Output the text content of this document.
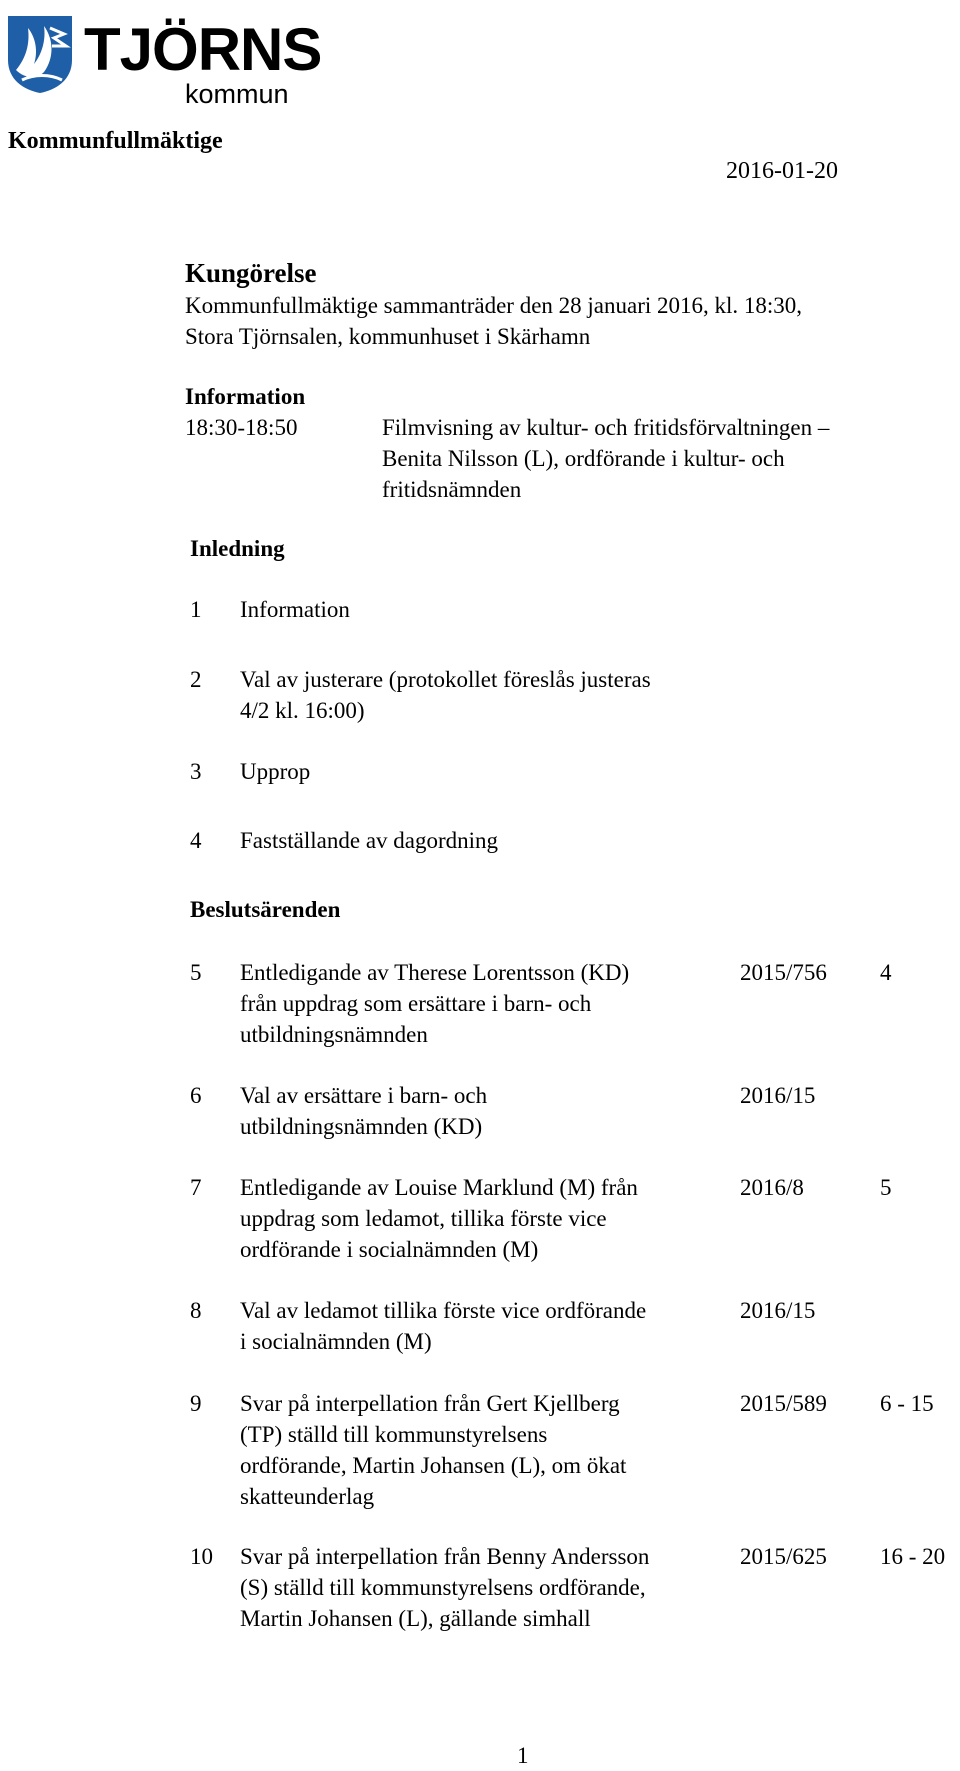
TJÖRNS
kommun
Kommunfullmäktige
2016-01-20
Kungörelse
Kommunfullmäktige sammanträder den 28 januari 2016, kl. 18:30,
Stora Tjörnsalen, kommunhuset i Skärhamn
Information
18:30-18:50	Filmvisning av kultur- och fritidsförvaltningen –
Benita Nilsson (L), ordförande i kultur- och
fritidsnämnden
Inledning
1	Information
2	Val av justerare (protokollet föreslås justeras
4/2 kl. 16:00)
3	Upprop
4	Fastställande av dagordning
Beslutsärenden
5	Entledigande av Therese Lorentsson (KD)
från uppdrag som ersättare i barn- och
utbildningsnämnden
2015/756 4
6	Val av ersättare i barn- och
utbildningsnämnden (KD)
2016/15
7	Entledigande av Louise Marklund (M) från
uppdrag som ledamot, tillika förste vice
ordförande i socialnämnden (M)
2016/8	5
8	Val av ledamot tillika förste vice ordförande
i socialnämnden (M)
2016/15
9	Svar på interpellation från Gert Kjellberg
(TP) ställd till kommunstyrelsens
ordförande, Martin Johansen (L), om ökat
skatteunderlag
2015/589 6 - 15
10	Svar på interpellation från Benny Andersson
(S) ställd till kommunstyrelsens ordförande,
Martin Johansen (L), gällande simhall
2015/625 16 - 20
1
